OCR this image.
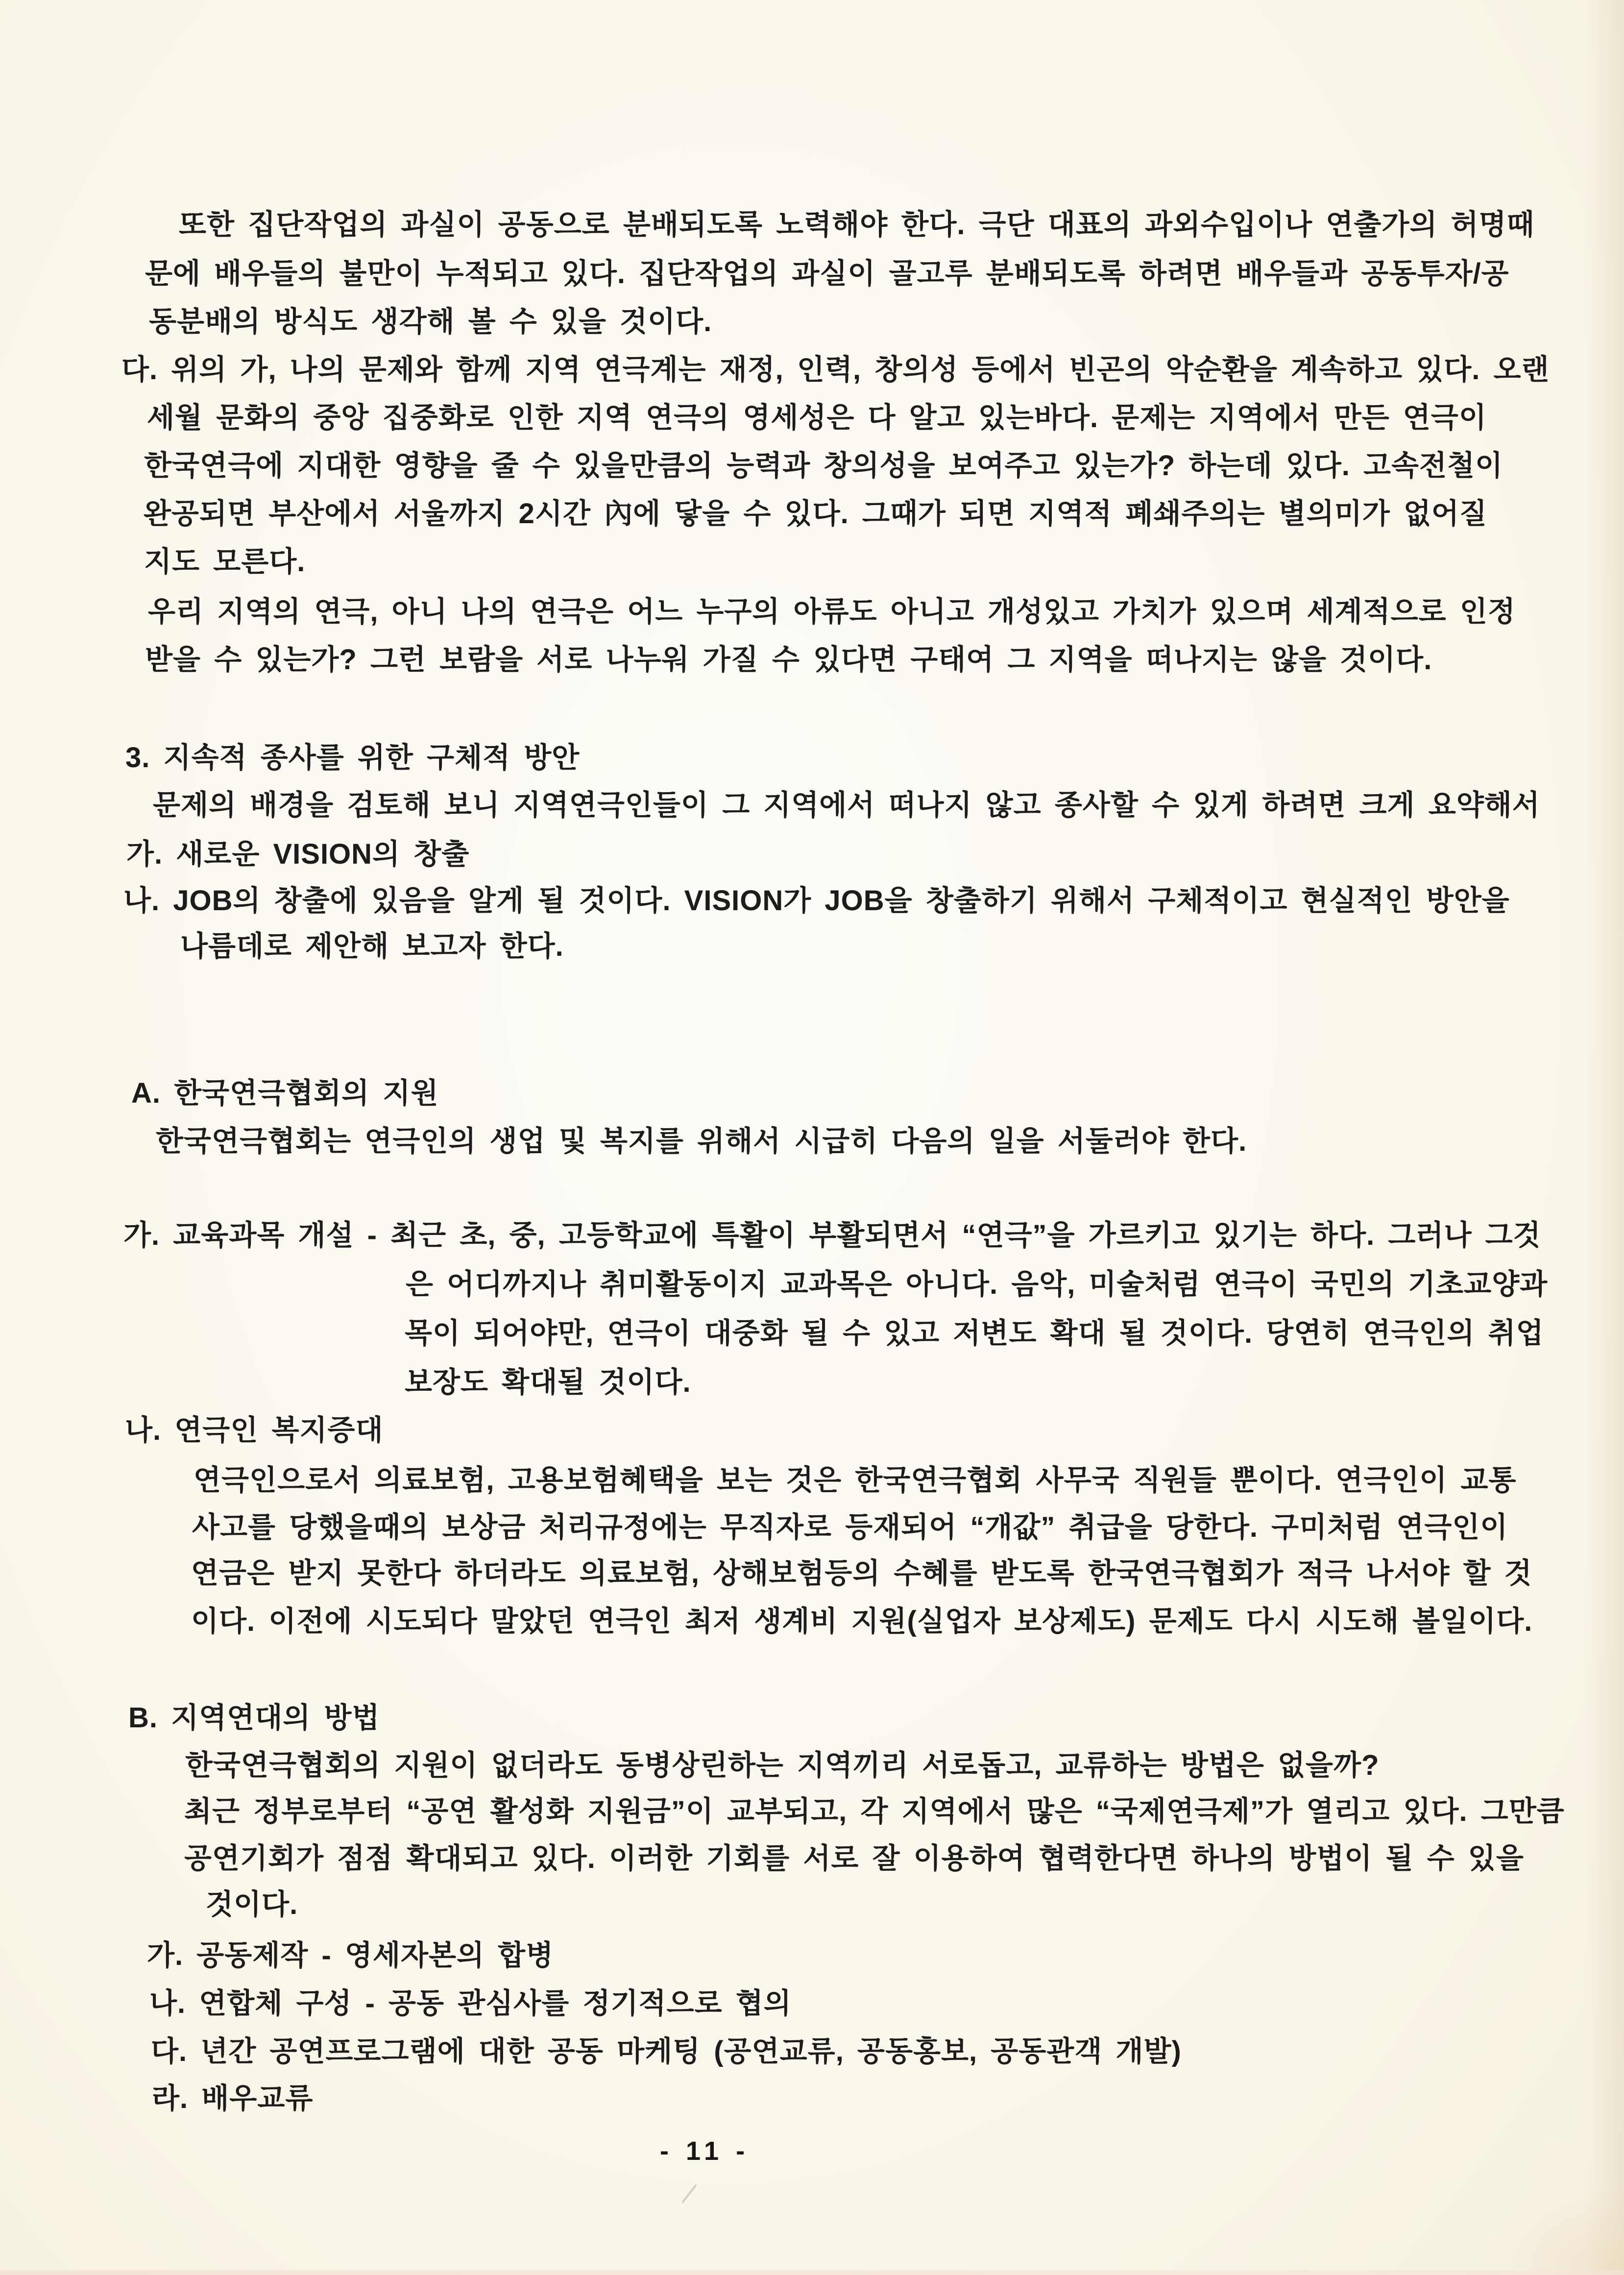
또한 집단작업의 과실이 공동으로 분배되도록 노력해야 한다. 극단 대표의 과외수입이나 연출가의 허명때
문에 배우들의 불만이 누적되고 있다. 집단작업의 과실이 골고루 분배되도록 하려면 배우들과 공동투자/공
동분배의 방식도 생각해 볼 수 있을 것이다.
다. 위의 가, 나의 문제와 함께 지역 연극계는 재정, 인력, 창의성 등에서 빈곤의 악순환을 계속하고 있다. 오랜
세월 문화의 중앙 집중화로 인한 지역 연극의 영세성은 다 알고 있는바다. 문제는 지역에서 만든 연극이
한국연극에 지대한 영향을 줄 수 있을만큼의 능력과 창의성을 보여주고 있는가? 하는데 있다. 고속전철이
완공되면 부산에서 서울까지 2시간 內에 닿을 수 있다. 그때가 되면 지역적 폐쇄주의는 별의미가 없어질
지도 모른다.
우리 지역의 연극, 아니 나의 연극은 어느 누구의 아류도 아니고 개성있고 가치가 있으며 세계적으로 인정
받을 수 있는가? 그런 보람을 서로 나누워 가질 수 있다면 구태여 그 지역을 떠나지는 않을 것이다.
3. 지속적 종사를 위한 구체적 방안
문제의 배경을 검토해 보니 지역연극인들이 그 지역에서 떠나지 않고 종사할 수 있게 하려면 크게 요약해서
가. 새로운 VISION의 창출
나. JOB의 창출에 있음을 알게 될 것이다. VISION가 JOB을 창출하기 위해서 구체적이고 현실적인 방안을
나름데로 제안해 보고자 한다.
A. 한국연극협회의 지원
한국연극협회는 연극인의 생업 및 복지를 위해서 시급히 다음의 일을 서둘러야 한다.
가. 교육과목 개설 - 최근 초, 중, 고등학교에 특활이 부활되면서 “연극”을 가르키고 있기는 하다. 그러나 그것
은 어디까지나 취미활동이지 교과목은 아니다. 음악, 미술처럼 연극이 국민의 기초교양과
목이 되어야만, 연극이 대중화 될 수 있고 저변도 확대 될 것이다. 당연히 연극인의 취업
보장도 확대될 것이다.
나. 연극인 복지증대
연극인으로서 의료보험, 고용보험혜택을 보는 것은 한국연극협회 사무국 직원들 뿐이다. 연극인이 교통
사고를 당했을때의 보상금 처리규정에는 무직자로 등재되어 “개값” 취급을 당한다. 구미처럼 연극인이
연금은 받지 못한다 하더라도 의료보험, 상해보험등의 수혜를 받도록 한국연극협회가 적극 나서야 할 것
이다. 이전에 시도되다 말았던 연극인 최저 생계비 지원(실업자 보상제도) 문제도 다시 시도해 볼일이다.
B. 지역연대의 방법
한국연극협회의 지원이 없더라도 동병상린하는 지역끼리 서로돕고, 교류하는 방법은 없을까?
최근 정부로부터 “공연 활성화 지원금”이 교부되고, 각 지역에서 많은 “국제연극제”가 열리고 있다. 그만큼
공연기회가 점점 확대되고 있다. 이러한 기회를 서로 잘 이용하여 협력한다면 하나의 방법이 될 수 있을
것이다.
가. 공동제작 - 영세자본의 합병
나. 연합체 구성 - 공동 관심사를 정기적으로 협의
다. 년간 공연프로그램에 대한 공동 마케팅 (공연교류, 공동홍보, 공동관객 개발)
라. 배우교류
- 11 -
